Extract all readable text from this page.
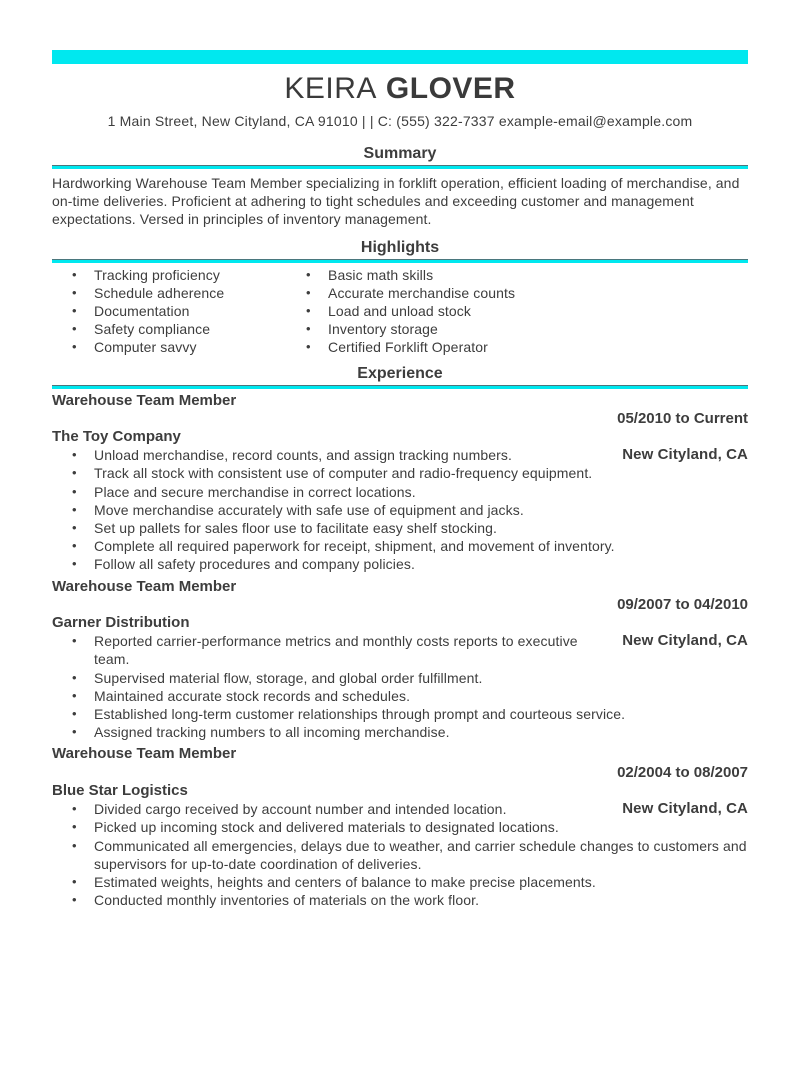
KEIRA GLOVER
1 Main Street, New Cityland, CA 91010 | | C: (555) 322-7337 example-email@example.com
Summary
Hardworking Warehouse Team Member specializing in forklift operation, efficient loading of merchandise, and on-time deliveries. Proficient at adhering to tight schedules and exceeding customer and management expectations. Versed in principles of inventory management.
Highlights
• Tracking proficiency
• Schedule adherence
• Documentation
• Safety compliance
• Computer savvy
• Basic math skills
• Accurate merchandise counts
• Load and unload stock
• Inventory storage
• Certified Forklift Operator
Experience
Warehouse Team Member
05/2010 to Current
The Toy Company
• Unload merchandise, record counts, and assign tracking numbers.	New Cityland, CA
• Track all stock with consistent use of computer and radio-frequency equipment.
• Place and secure merchandise in correct locations.
• Move merchandise accurately with safe use of equipment and jacks.
• Set up pallets for sales floor use to facilitate easy shelf stocking.
• Complete all required paperwork for receipt, shipment, and movement of inventory.
• Follow all safety procedures and company policies.
Warehouse Team Member
09/2007 to 04/2010
Garner Distribution
• Reported carrier-performance metrics and monthly costs reports to executive team.
New Cityland, CA
• Supervised material flow, storage, and global order fulfillment.
• Maintained accurate stock records and schedules.
• Established long-term customer relationships through prompt and courteous service.
• Assigned tracking numbers to all incoming merchandise.
Warehouse Team Member
02/2004 to 08/2007
Blue Star Logistics
• Divided cargo received by account number and intended location.	New Cityland, CA
• Picked up incoming stock and delivered materials to designated locations.
• Communicated all emergencies, delays due to weather, and carrier schedule changes to customers and supervisors for up-to-date coordination of deliveries.
• Estimated weights, heights and centers of balance to make precise placements.
• Conducted monthly inventories of materials on the work floor.
